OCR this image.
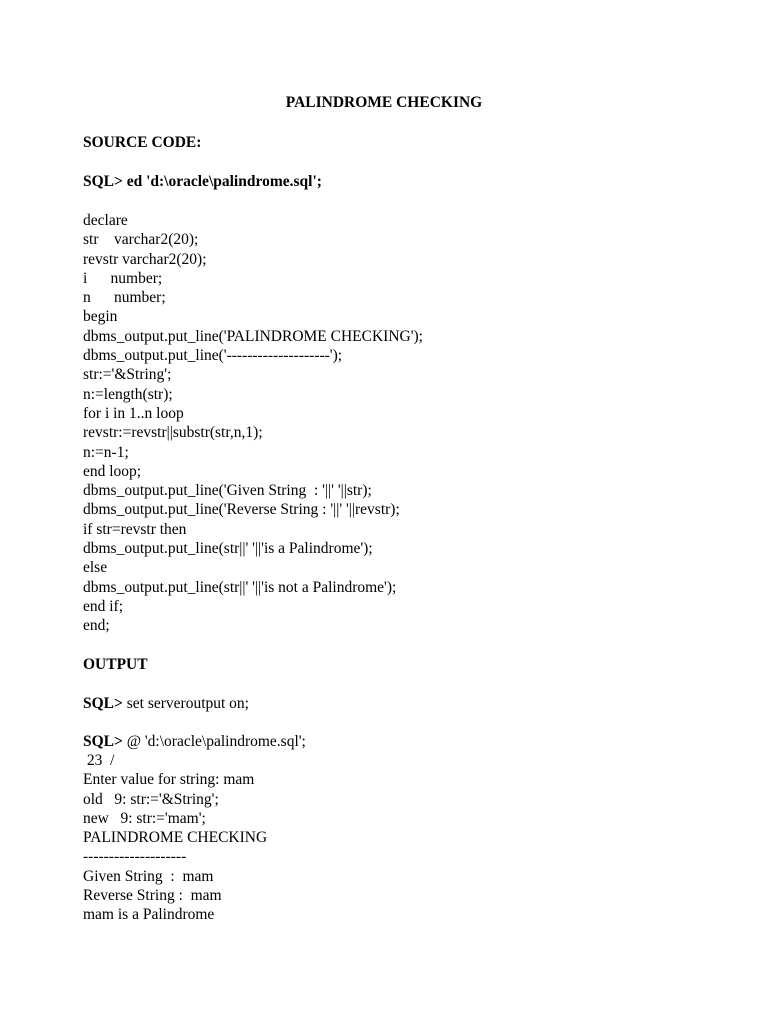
PALINDROME CHECKING
SOURCE CODE:
SQL> ed 'd:\oracle\palindrome.sql';
declare
str    varchar2(20);
revstr varchar2(20);
i      number;
n      number;
begin
dbms_output.put_line('PALINDROME CHECKING');
dbms_output.put_line('--------------------');
str:='&String';
n:=length(str);
for i in 1..n loop
revstr:=revstr||substr(str,n,1);
n:=n-1;
end loop;
dbms_output.put_line('Given String  : '||' '||str);
dbms_output.put_line('Reverse String : '||' '||revstr);
if str=revstr then
dbms_output.put_line(str||' '||'is a Palindrome');
else
dbms_output.put_line(str||' '||'is not a Palindrome');
end if;
end;
OUTPUT
SQL> set serveroutput on;
SQL> @ 'd:\oracle\palindrome.sql';
23  /
Enter value for string: mam
old   9: str:='&String';
new   9: str:='mam';
PALINDROME CHECKING
--------------------
Given String  :  mam
Reverse String :  mam
mam is a Palindrome
